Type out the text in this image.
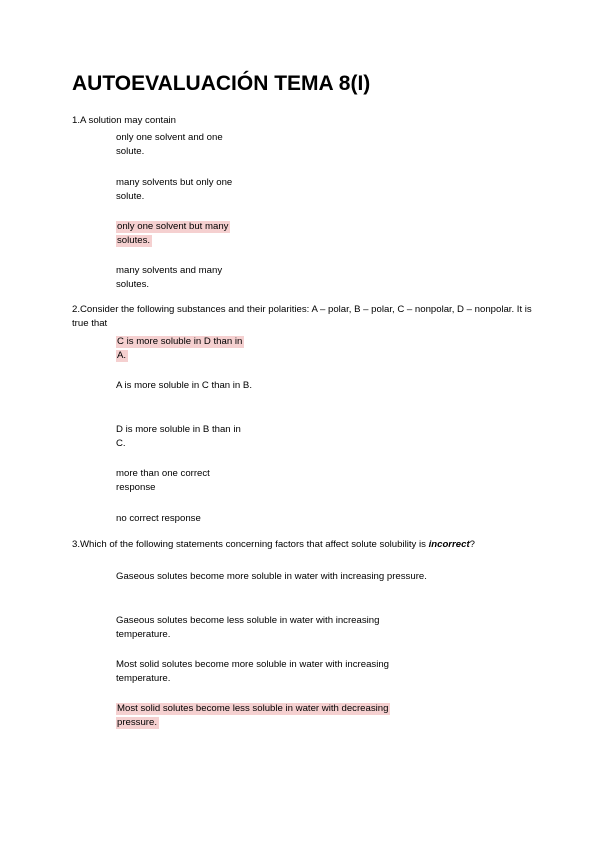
AUTOEVALUACIÓN TEMA 8(I)

1.A solution may contain

only one solvent and one solute.

many solvents but only one solute.

only one solvent but many solutes.

many solvents and many solutes.

2.Consider the following substances and their polarities: A – polar, B – polar, C – nonpolar, D – nonpolar. It is true that

C is more soluble in D than in A.

A is more soluble in C than in B.

D is more soluble in B than in C.

more than one correct response

no correct response

3.Which of the following statements concerning factors that affect solute solubility is incorrect?

Gaseous solutes become more soluble in water with increasing pressure.

Gaseous solutes become less soluble in water with increasing temperature.

Most solid solutes become more soluble in water with increasing temperature.

Most solid solutes become less soluble in water with decreasing pressure.
